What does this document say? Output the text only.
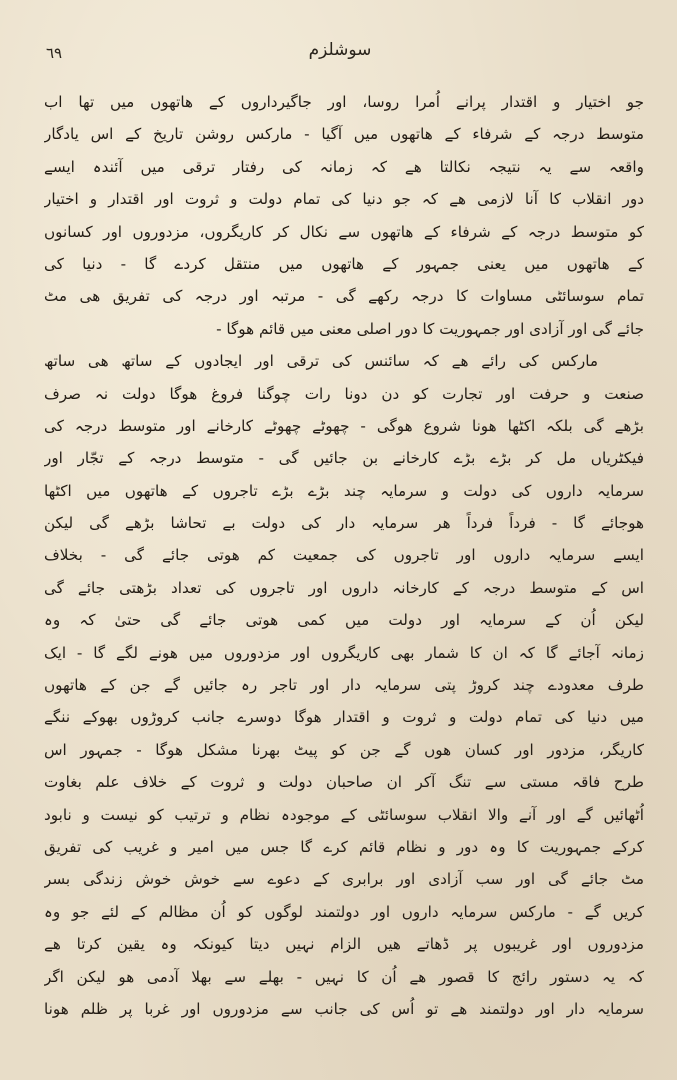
٦٩	سوشلزم
جو اختیار و اقتدار پرانے اُمرا روسا، اور جاگیرداروں کے ھاتھوں میں تھا اب
متوسط درجہ کے شرفاء کے ھاتھوں میں آگیا - مارکس روشن تاریخ کے اس یادگار
واقعہ سے یہ نتیجہ نکالتا ھے کہ زمانہ کی رفتار ترقی میں آئندہ ایسے
دور انقلاب کا آنا لازمی ھے کہ جو دنیا کی تمام دولت و ثروت اور اقتدار و اختیار
کو متوسط درجہ کے شرفاء کے ھاتھوں سے نکال کر کاریگروں، مزدوروں اور کسانوں
کے ھاتھوں میں یعنی جمہور کے ھاتھوں میں منتقل کردے گا - دنیا کی
تمام سوسائٹی مساوات کا درجہ رکھے گی - مرتبہ اور درجہ کی تفریق ھی مٹ
جائے گی اور آزادی اور جمہوریت کا دور اصلی معنی میں قائم ھوگا -
مارکس کی رائے ھے کہ سائنس کی ترقی اور ایجادوں کے ساتھ ھی ساتھ
صنعت و حرفت اور تجارت کو دن دونا رات چوگنا فروغ ھوگا دولت نہ صرف
بڑھے گی بلکہ اکٹھا ھونا شروع ھوگی - چھوٹے چھوٹے کارخانے اور متوسط درجہ کی
فیکٹریاں مل کر بڑے بڑے کارخانے بن جائیں گی - متوسط درجہ کے تجّار اور
سرمایہ داروں کی دولت و سرمایہ چند بڑے بڑے تاجروں کے ھاتھوں میں اکٹھا
ھوجائے گا - فرداً فرداً ھر سرمایہ دار کی دولت بے تحاشا بڑھے گی لیکن
ایسے سرمایہ داروں اور تاجروں کی جمعیت کم ھوتی جائے گی - بخلاف
اس کے متوسط درجہ کے کارخانہ داروں اور تاجروں کی تعداد بڑھتی جائے گی
لیکن اُن کے سرمایہ اور دولت میں کمی ھوتی جائے گی حتیٰ کہ وہ
زمانہ آجائے گا کہ ان کا شمار بھی کاریگروں اور مزدوروں میں ھونے لگے گا - ایک
طرف معدودے چند کروڑ پتی سرمایہ دار اور تاجر رہ جائیں گے جن کے ھاتھوں
میں دنیا کی تمام دولت و ثروت و اقتدار ھوگا دوسرے جانب کروڑوں بھوکے ننگے
کاریگر، مزدور اور کسان ھوں گے جن کو پیٹ بھرنا مشکل ھوگا - جمہور اس
طرح فاقہ مستی سے تنگ آکر ان صاحبان دولت و ثروت کے خلاف علم بغاوت
اُٹھائیں گے اور آنے والا انقلاب سوسائٹی کے موجودہ نظام و ترتیب کو نیست و نابود
کرکے جمہوریت کا وہ دور و نظام قائم کرے گا جس میں امیر و غریب کی تفریق
مٹ جائے گی اور سب آزادی اور برابری کے دعوے سے خوش خوش زندگی بسر
کریں گے - مارکس سرمایہ داروں اور دولتمند لوگوں کو اُن مظالم کے لئے جو وہ
مزدوروں اور غریبوں پر ڈھاتے ھیں الزام نہیں دیتا کیونکہ وہ یقین کرتا ھے
کہ یہ دستور رائج کا قصور ھے اُن کا نہیں - بھلے سے بھلا آدمی ھو لیکن اگر
سرمایہ دار اور دولتمند ھے تو اُس کی جانب سے مزدوروں اور غربا پر ظلم ھونا
